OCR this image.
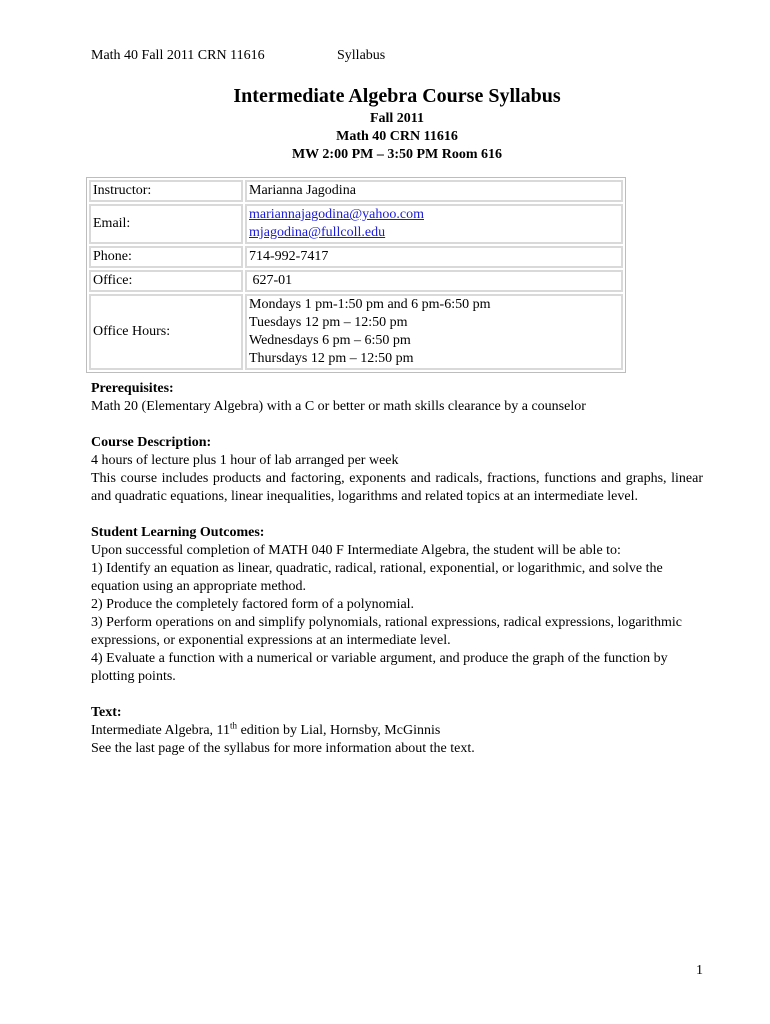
Math 40 Fall 2011 CRN 11616	Syllabus
Intermediate Algebra Course Syllabus
Fall 2011
Math 40 CRN 11616
MW 2:00 PM – 3:50 PM Room 616
Instructor:	Marianna Jagodina
Email:	mariannajagodina@yahoo.com
mjagodina@fullcoll.edu
Phone:	714-992-7417
Office:	627-01
Office Hours:	Mondays 1 pm-1:50 pm and 6 pm-6:50 pm
Tuesdays 12 pm – 12:50 pm
Wednesdays 6 pm – 6:50 pm
Thursdays 12 pm – 12:50 pm
Prerequisites:

Math 20 (Elementary Algebra) with a C or better or math skills clearance by a counselor

Course Description:

4 hours of lecture plus 1 hour of lab arranged per week

This course includes products and factoring, exponents and radicals, fractions, functions and graphs, linear and quadratic equations, linear inequalities, logarithms and related topics at an intermediate level.

Student Learning Outcomes:

Upon successful completion of MATH 040 F Intermediate Algebra, the student will be able to:

1) Identify an equation as linear, quadratic, radical, rational, exponential, or logarithmic, and solve the equation using an appropriate method.

2) Produce the completely factored form of a polynomial.

3) Perform operations on and simplify polynomials, rational expressions, radical expressions, logarithmic expressions, or exponential expressions at an intermediate level.

4) Evaluate a function with a numerical or variable argument, and produce the graph of the function by plotting points.

Text:

Intermediate Algebra, 11th edition by Lial, Hornsby, McGinnis

See the last page of the syllabus for more information about the text.

1
